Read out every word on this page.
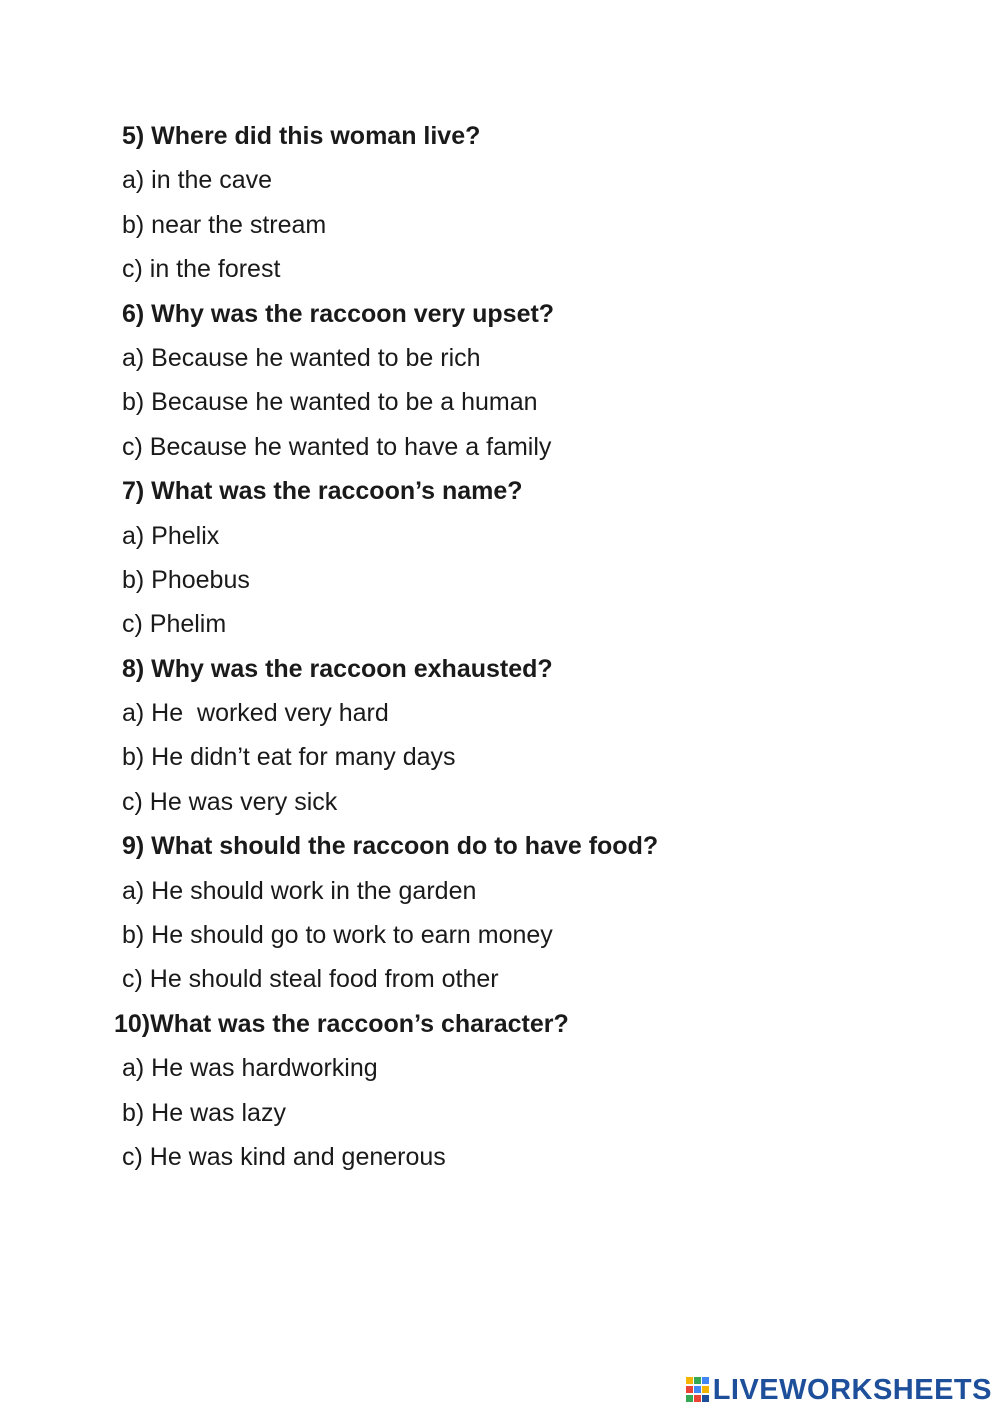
5) Where did this woman live?
a) in the cave
b) near the stream
c) in the forest
6) Why was the raccoon very upset?
a) Because he wanted to be rich
b) Because he wanted to be a human
c) Because he wanted to have a family
7) What was the raccoon’s name?
a) Phelix
b) Phoebus
c) Phelim
8) Why was the raccoon exhausted?
a) He  worked very hard
b) He didn’t eat for many days
c) He was very sick
9) What should the raccoon do to have food?
a) He should work in the garden
b) He should go to work to earn money
c) He should steal food from other
10)What was the raccoon’s character?
a) He was hardworking
b) He was lazy
c) He was kind and generous
LIVEWORKSHEETS
